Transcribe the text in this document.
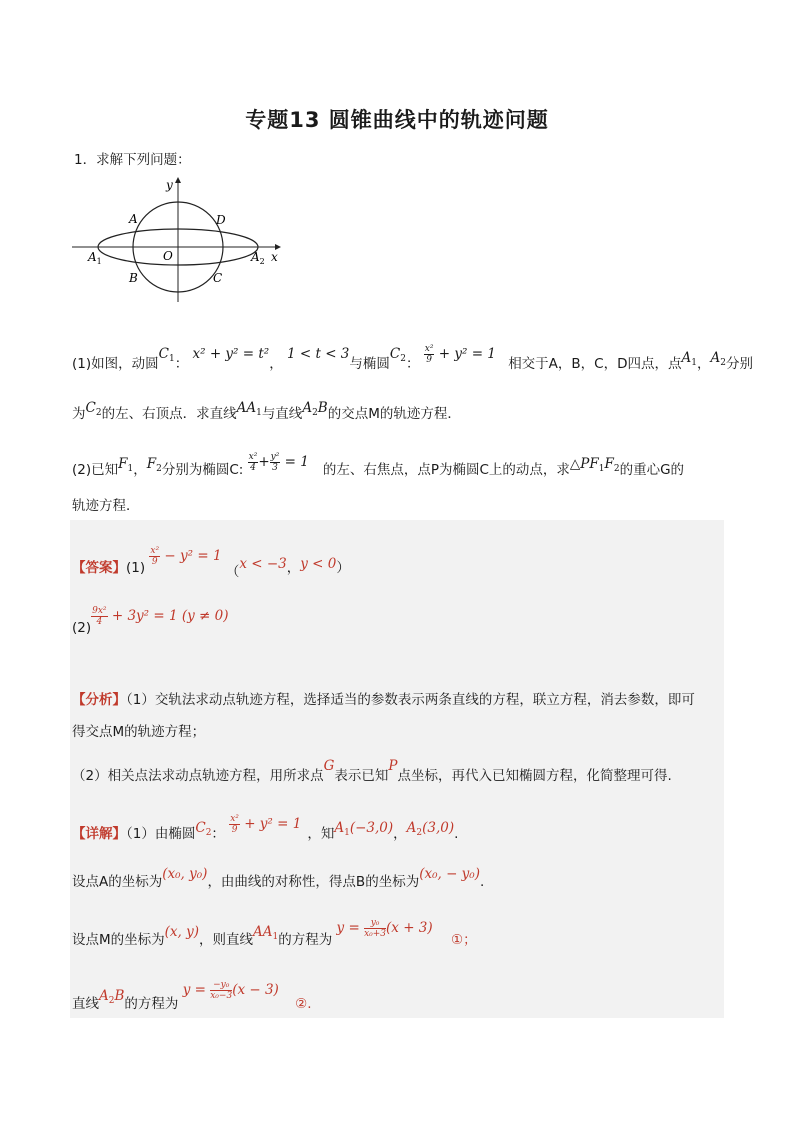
专题13 圆锥曲线中的轨迹问题
1．求解下列问题：
y
x
A	D
O
$A_1$	$A_2$
B	C
(1)如图，动圆$C_1$： x² + y² = t²， 1 < t < 3与椭圆$C_2$： $\frac{\text{x²}}{9} + y^2 = 1$ 相交于A，B，C，D四点，点$A_1$，$A_2$分别
为$C_2$的左、右顶点．求直线$AA_1$与直线$A_2B$的交点M的轨迹方程．
(2)已知$F_1$，$F_2$分别为椭圆C: $\frac{\text{x²}}{4} + \frac{\text{y²}}{3} = 1$ 的左、右焦点，点P为椭圆C上的动点，求$\triangle PF_1F_2$的重心G的
轨迹方程．
【答案】(1)
$\frac{\text{x²}}{9} - y^2 = 1$ （x < −3，y < 0）
(2)
$\frac{\text{9x²}}{4} + 3y^2 = 1$ (y ≠ 0)
【分析】（1）交轨法求动点轨迹方程，选择适当的参数表示两条直线的方程，联立方程，消去参数，即可
得交点M的轨迹方程；
（2）相关点法求动点轨迹方程，用所求点G表示已知P点坐标，再代入已知椭圆方程，化简整理可得.
【详解】（1）由椭圆$C_2$： $\frac{\text{x²}}{9} + y^2 = 1$，知$A_1(-3,0)$，$A_2(3,0)$.
设点A的坐标为(x₀, y₀)，由曲线的对称性，得点B的坐标为(x₀, − y₀).
设点M的坐标为(x, y)，则直线$AA_1$的方程为 $y = \frac{\text{y₀}}{\text{x₀+3}} (x + 3)$ ①；
直线$A_2B$的方程为 $y = \frac{\text{−y₀}}{\text{x₀−3}} (x - 3)$ ②.
